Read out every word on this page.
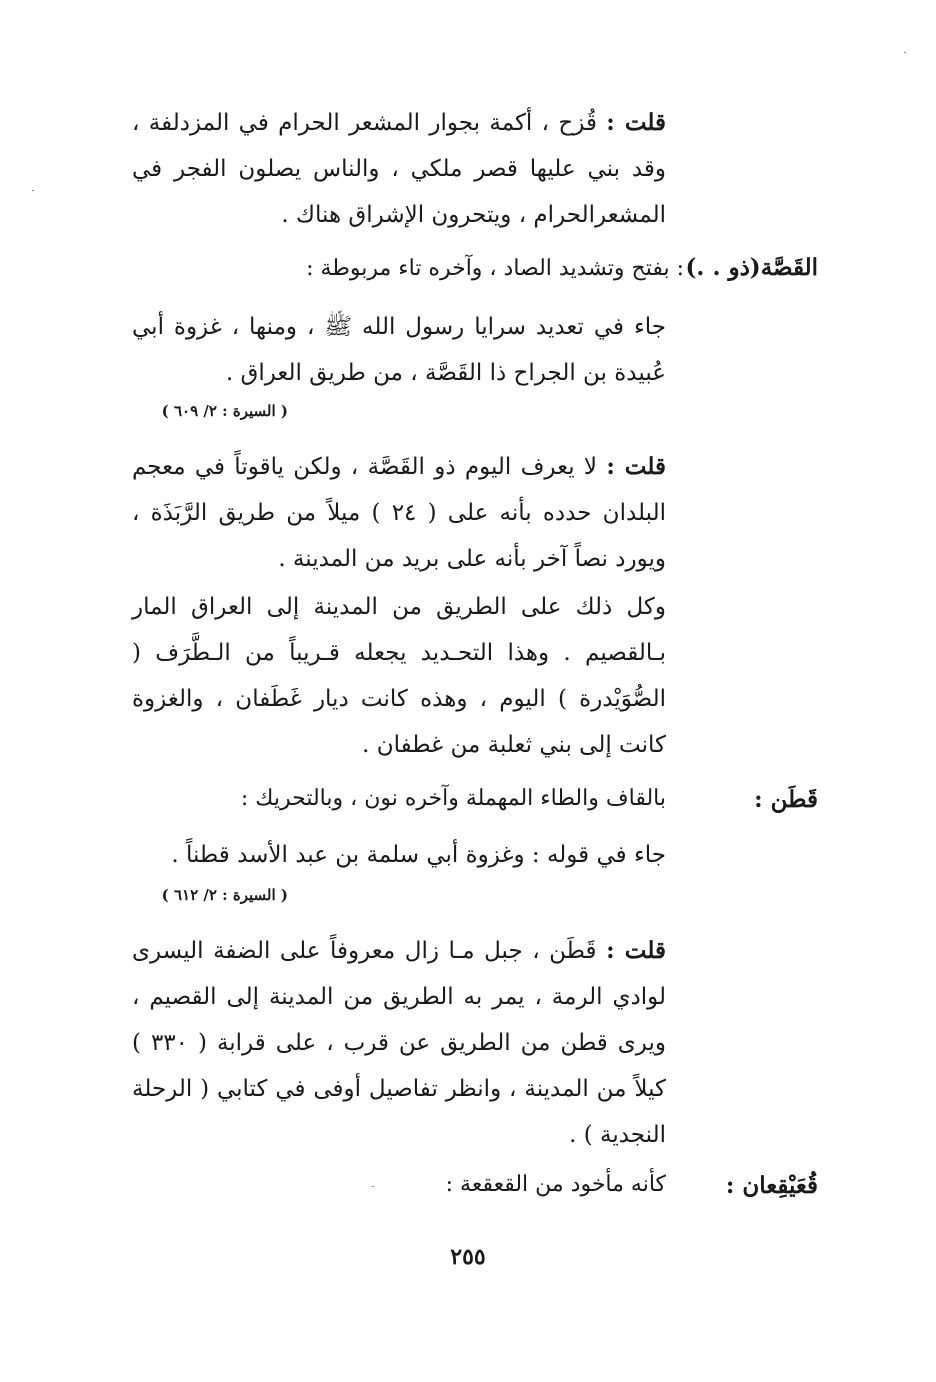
قلت : قُزح ، أكمة بجوار المشعر الحرام في المزدلفة ، وقد بني عليها قصر ملكي ، والناس يصلون الفجر في المشعرالحرام ، ويتحرون الإشراق هناك .
القَصَّة(ذو . .)
: بفتح وتشديد الصاد ، وآخره تاء مربوطة :
جاء في تعديد سرايا رسول الله ﷺ ، ومنها ، غزوة أبي عُبيدة بن الجراح ذا القَصَّة ، من طريق العراق .
( السيرة : ٢/ ٦٠٩ )
قلت : لا يعرف اليوم ذو القَصَّة ، ولكن ياقوتاً في معجم البلدان حدده بأنه على ( ٢٤ ) ميلاً من طريق الرَّبَذَة ، ويورد نصاً آخر بأنه على بريد من المدينة .
وكل ذلك على الطريق من المدينة إلى العراق المار بـالقصيم . وهذا التحـديد يجعله قـريباً من الـطَّرَف ( الصُّوَيْدرة ) اليوم ، وهذه كانت ديار غَطَفان ، والغزوة كانت إلى بني ثعلبة من غطفان .
قَطَن :
بالقاف والطاء المهملة وآخره نون ، وبالتحريك :
جاء في قوله : وغزوة أبي سلمة بن عبد الأسد قطناً .
( السيرة : ٢/ ٦١٢ )
قلت : قَطَن ، جبل مـا زال معروفاً على الضفة اليسرى لوادي الرمة ، يمر به الطريق من المدينة إلى القصيم ، ويرى قطن من الطريق عن قرب ، على قرابة ( ٣٣٠ ) كيلاً من المدينة ، وانظر تفاصيل أوفى في كتابي ( الرحلة النجدية ) .
قُعَيْقِعان :
كأنه مأخود من القعقعة :
٢٥٥
